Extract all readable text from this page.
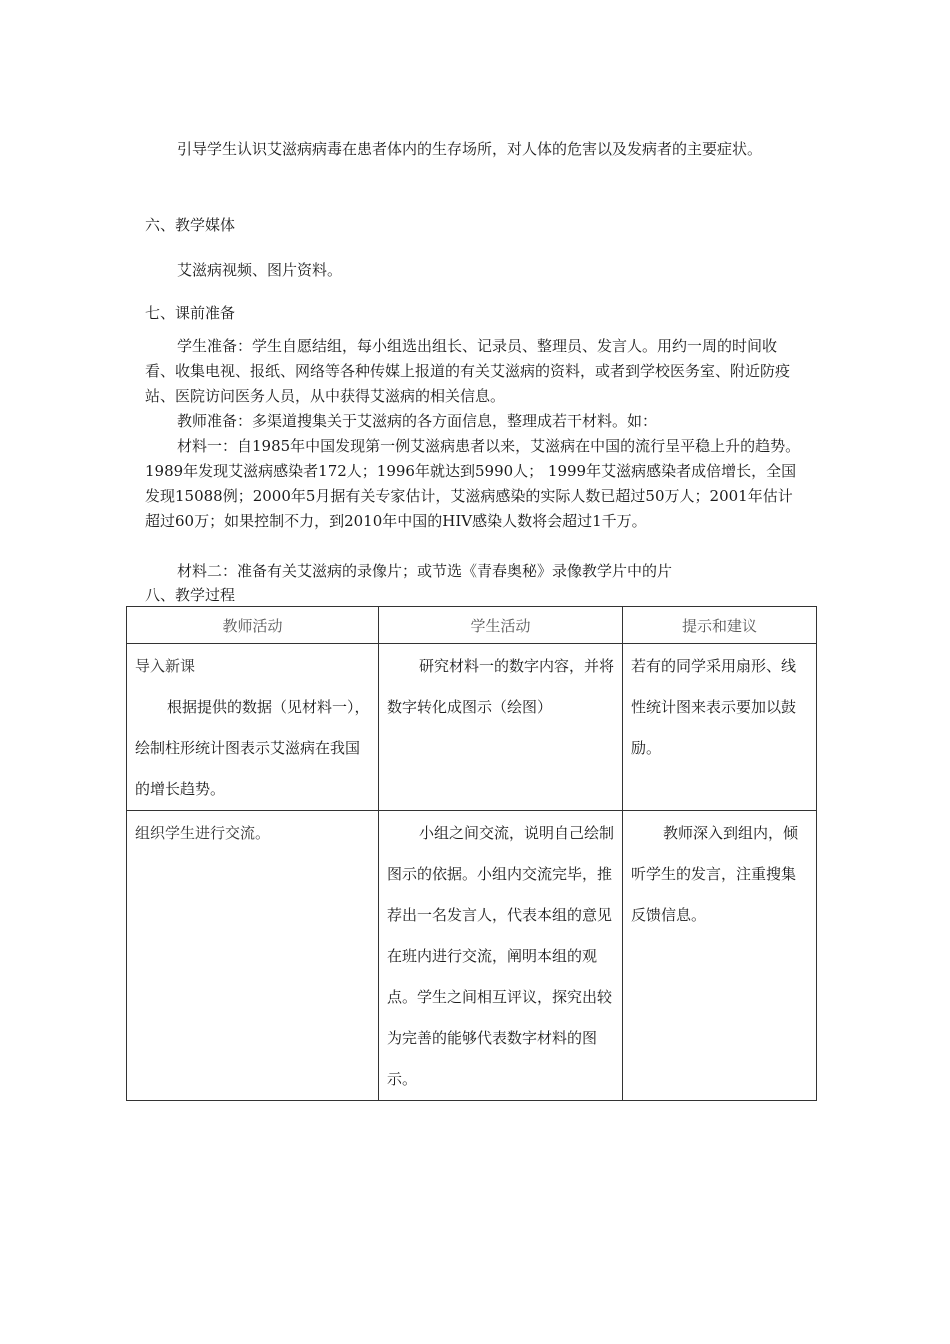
引导学生认识艾滋病病毒在患者体内的生存场所，对人体的危害以及发病者的主要症状。

六、教学媒体

艾滋病视频、图片资料。

七、课前准备

学生准备：学生自愿结组，每小组选出组长、记录员、整理员、发言人。用约一周的时间收看、收集电视、报纸、网络等各种传媒上报道的有关艾滋病的资料，或者到学校医务室、附近防疫站、医院访问医务人员，从中获得艾滋病的相关信息。

教师准备：多渠道搜集关于艾滋病的各方面信息，整理成若干材料。如：

材料一：自1985年中国发现第一例艾滋病患者以来，艾滋病在中国的流行呈平稳上升的趋势。1989年发现艾滋病感染者172人；1996年就达到5990人； 1999年艾滋病感染者成倍增长，全国发现15088例；2000年5月据有关专家估计，艾滋病感染的实际人数已超过50万人；2001年估计超过60万；如果控制不力，到2010年中国的HIV感染人数将会超过1千万。

材料二：准备有关艾滋病的录像片；或节选《青春奥秘》录像教学片中的片

八、教学过程

教师活动	学生活动	提示和建议

导入新课
根据提供的数据（见材料一），绘制柱形统计图表示艾滋病在我国的增长趋势。	研究材料一的数字内容，并将数字转化成图示（绘图）	若有的同学采用扇形、线性统计图来表示要加以鼓励。

组织学生进行交流。	小组之间交流，说明自己绘制图示的依据。小组内交流完毕，推荐出一名发言人，代表本组的意见在班内进行交流，阐明本组的观点。学生之间相互评议，探究出较为完善的能够代表数字材料的图示。	教师深入到组内，倾听学生的发言，注重搜集反馈信息。
